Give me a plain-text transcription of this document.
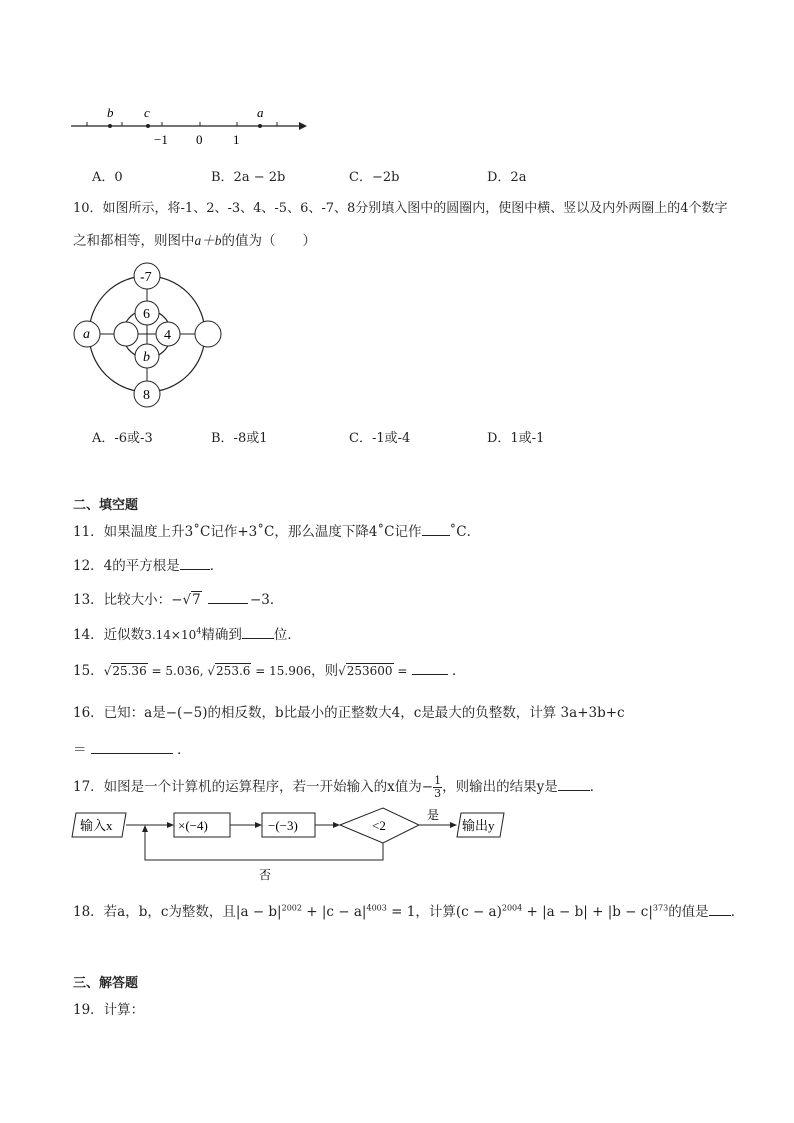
b c	a
−1 0 1
A．0	B．2a − 2b	C．−2b	D．2a
10．如图所示，将-1、2、-3、4、-5、6、-7、8分别填入图中的圆圈内，使图中横、竖以及内外两圈上的4个数字
之和都相等，则图中a＋b的值为（　　）
-7
6
4
a
b
8
A．-6或-3	B．-8或1	C．-1或-4	D．1或-1
二、填空题
11．如果温度上升3˚C记作+3˚C，那么温度下降4˚C记作 ˚C．
12．4的平方根是 ．
13．比较大小：−√7	−3．
14．近似数$3.14\times 10^4$精确到 位．
15．√25.36 = 5.036, √253.6 = 15.906，则√253600 =	．
16．已知：a是−(−5)的相反数，b比最小的正整数大4，c是最大的负整数，计算 3a+3b+c
＝	．
17．如图是一个计算机的运算程序，若一开始输入的x值为− $\frac{1}{3}$ ，则输出的结果y是 ．
输入x	×(−4)	−(−3)	<2
是
输出y
否
18．若a，b，c为整数，且$|a - b|^{2002} + |c - a|^{4003} = 1$，计算$(c - a)^{2004} + |a - b| + |b - c|^{373}$的值是 ．
三、解答题
19．计算：
